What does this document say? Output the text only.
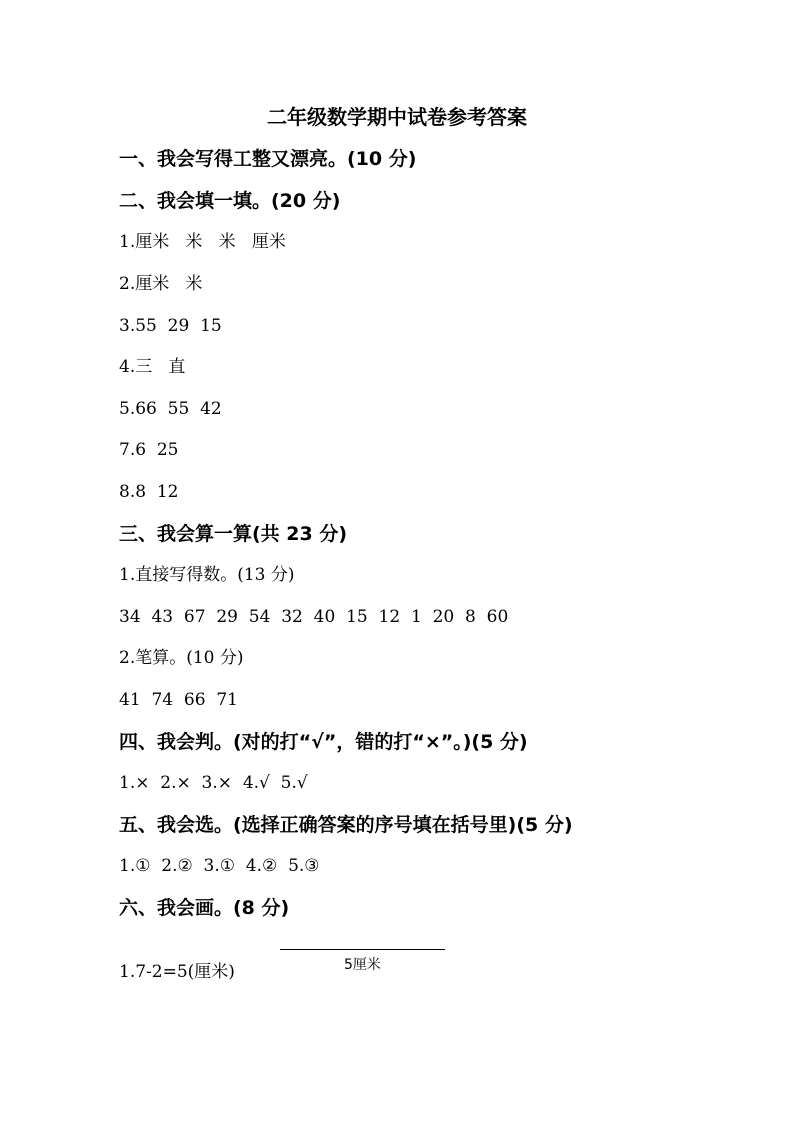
二年级数学期中试卷参考答案
一、我会写得工整又漂亮。(10 分)
二、我会填一填。(20 分)
1.厘米   米   米   厘米
2.厘米   米
3.55  29  15
4.三   直
5.66  55  42
7.6  25
8.8  12
三、我会算一算(共 23 分)
1.直接写得数。(13 分)
34  43  67  29  54  32  40  15  12  1  20  8  60
2.笔算。(10 分)
41  74  66  71
四、我会判。(对的打“√”，错的打“×”。)(5 分)
1.×  2.×  3.×  4.√  5.√
五、我会选。(选择正确答案的序号填在括号里)(5 分)
1.①  2.②  3.①  4.②  5.③
六、我会画。(8 分)
1.7-2=5(厘米)	5厘米
